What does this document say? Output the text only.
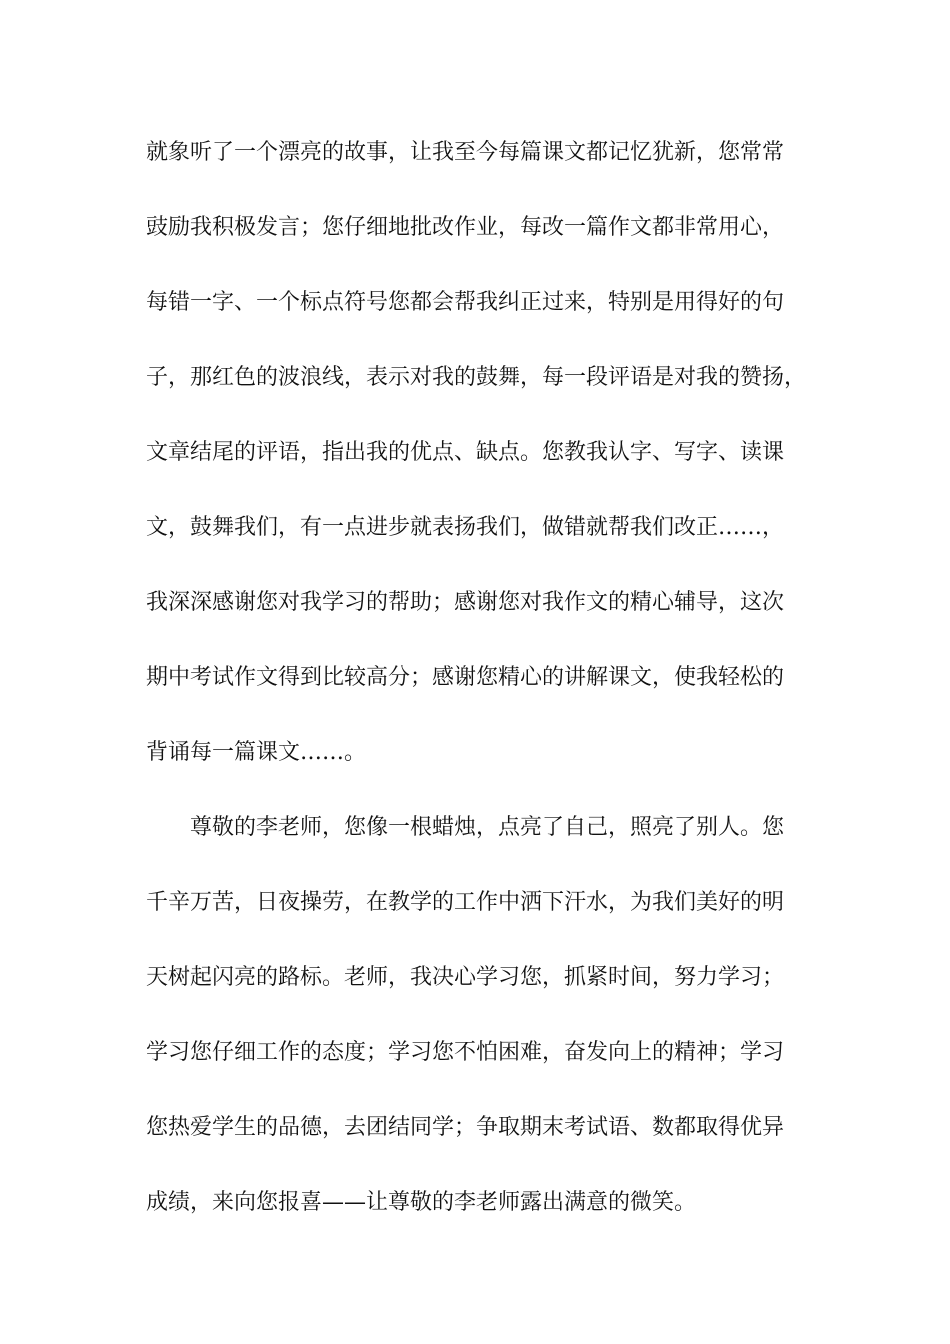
就象听了一个漂亮的故事，让我至今每篇课文都记忆犹新，您常常
豉励我积极发言；您仔细地批改作业，每改一篇作文都非常用心，
每错一字、一个标点符号您都会帮我纠正过来，特别是用得好的句
子，那红色的波浪线，表示对我的鼓舞，每一段评语是对我的赞扬，
文章结尾的评语，指出我的优点、缺点。您教我认字、写字、读课
文，鼓舞我们，有一点进步就表扬我们，做错就帮我们改正……，
我深深感谢您对我学习的帮助；感谢您对我作文的精心辅导，这次
期中考试作文得到比较高分；感谢您精心的讲解课文，使我轻松的
背诵每一篇课文……。
尊敬的李老师，您像一根蜡烛，点亮了自己，照亮了别人。您
千辛万苦，日夜操劳，在教学的工作中洒下汗水，为我们美好的明
天树起闪亮的路标。老师，我决心学习您，抓紧时间，努力学习；
学习您仔细工作的态度；学习您不怕困难，奋发向上的精神；学习
您热爱学生的品德，去团结同学；争取期末考试语、数都取得优异
成绩，来向您报喜——让尊敬的李老师露出满意的微笑。
